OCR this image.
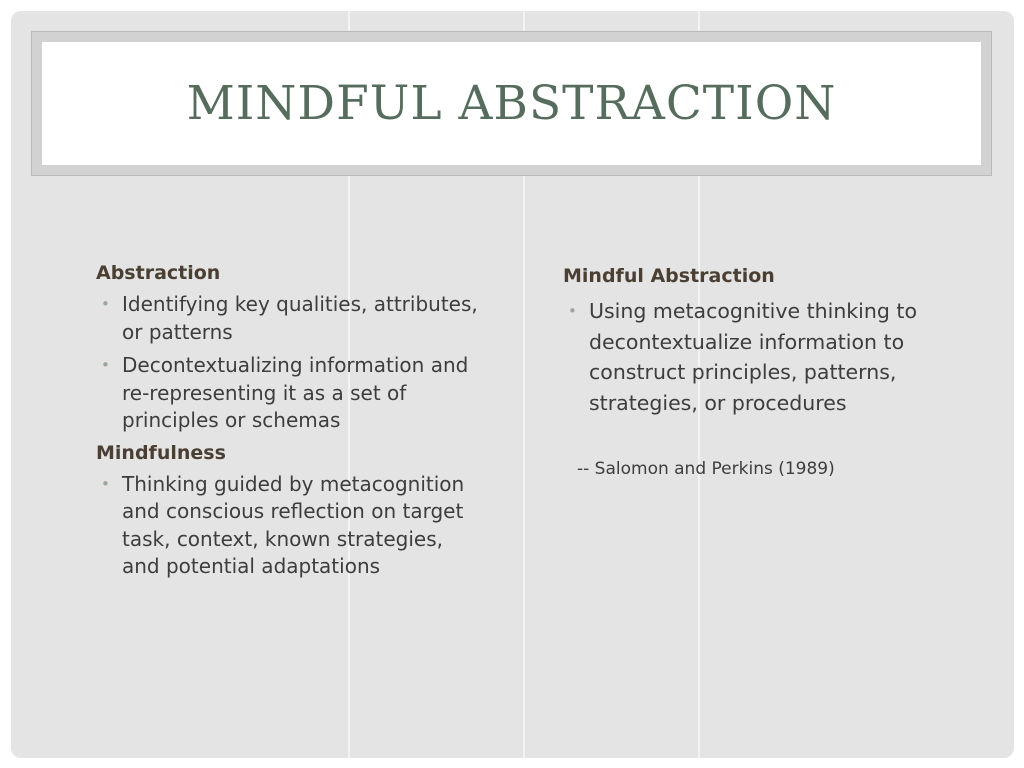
MINDFUL ABSTRACTION
Abstraction
• Identifying key qualities, attributes, or patterns
• Decontextualizing information and re-representing it as a set of principles or schemas
Mindfulness
• Thinking guided by metacognition and conscious reflection on target task, context, known strategies, and potential adaptations
Mindful Abstraction
• Using metacognitive thinking to decontextualize information to construct principles, patterns, strategies, or procedures
-- Salomon and Perkins (1989)
